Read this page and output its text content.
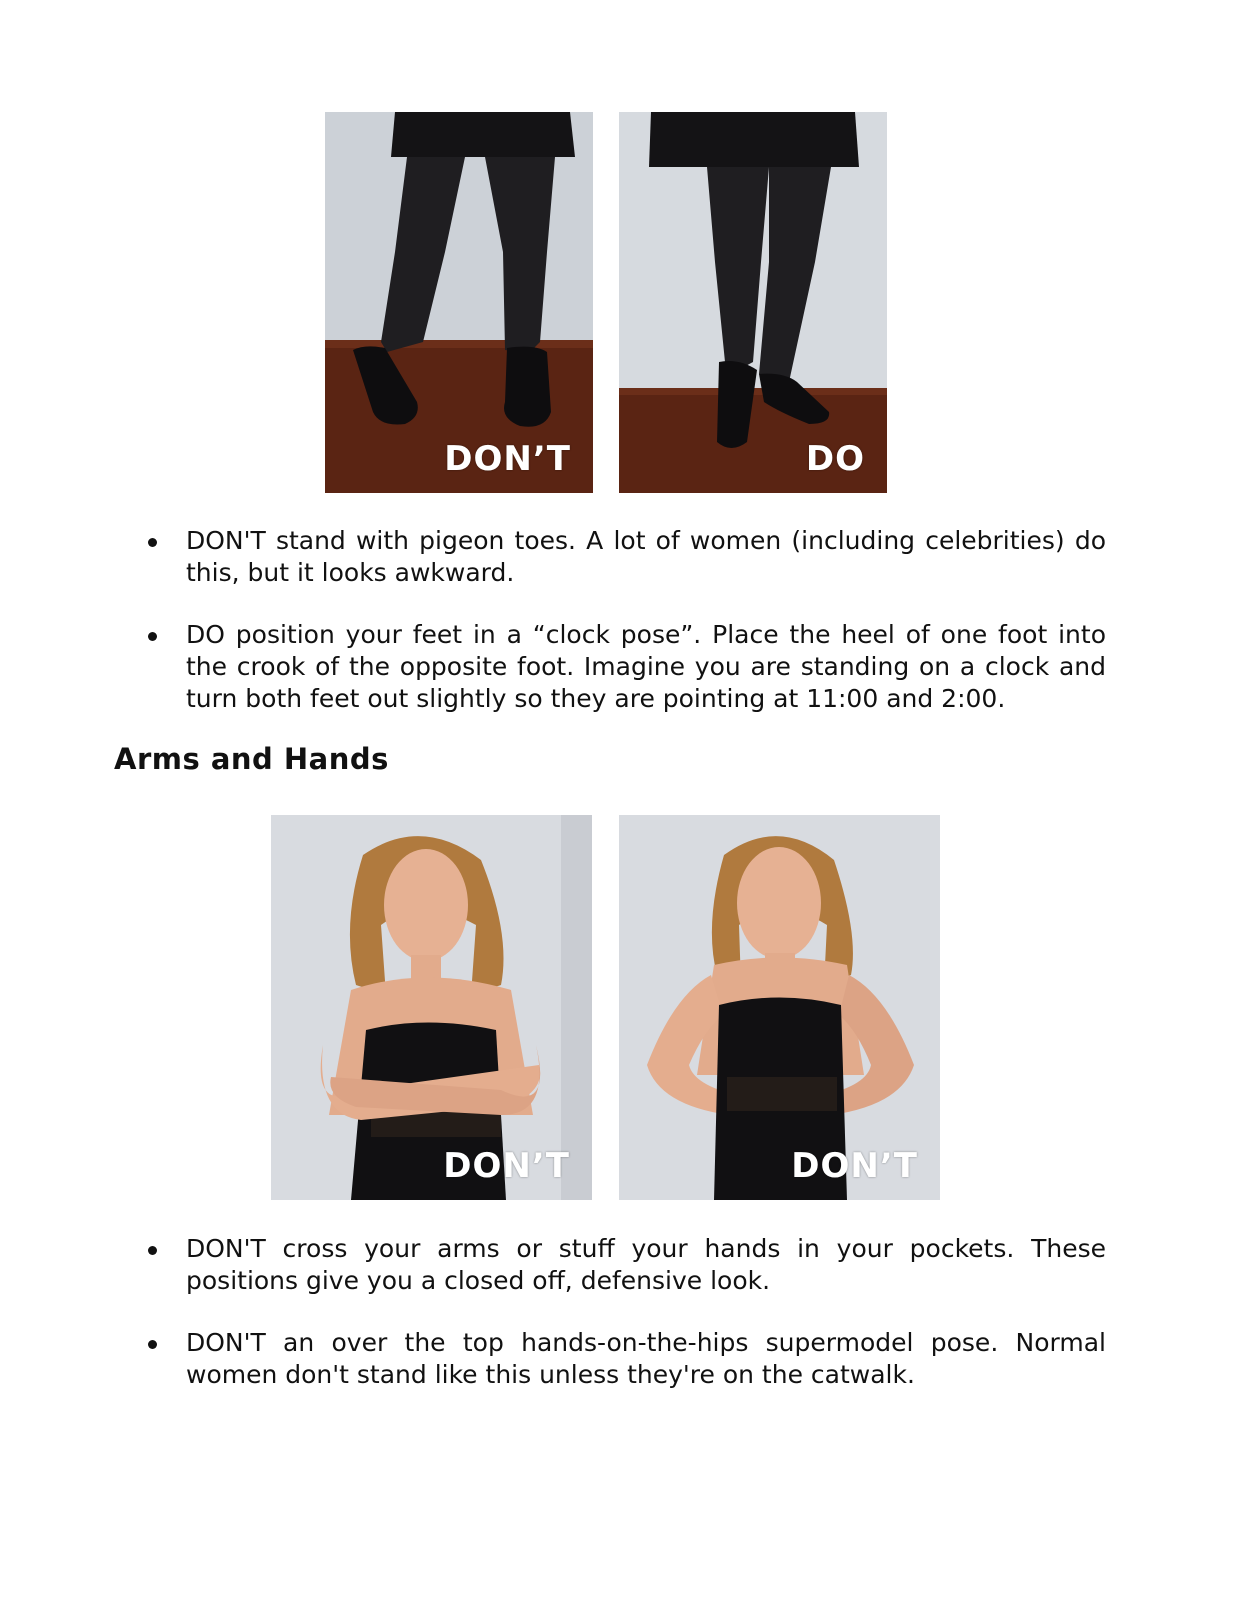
DON’T	DO
DON'T stand with pigeon toes. A lot of women (including celebrities) do this, but it looks awkward.
DO position your feet in a “clock pose”. Place the heel of one foot into the crook of the opposite foot. Imagine you are standing on a clock and turn both feet out slightly so they are pointing at 11:00 and 2:00.
Arms and Hands
DON’T	DON’T
DON'T cross your arms or stuff your hands in your pockets. These positions give you a closed off, defensive look.
DON'T an over the top hands-on-the-hips supermodel pose. Normal women don't stand like this unless they're on the catwalk.
